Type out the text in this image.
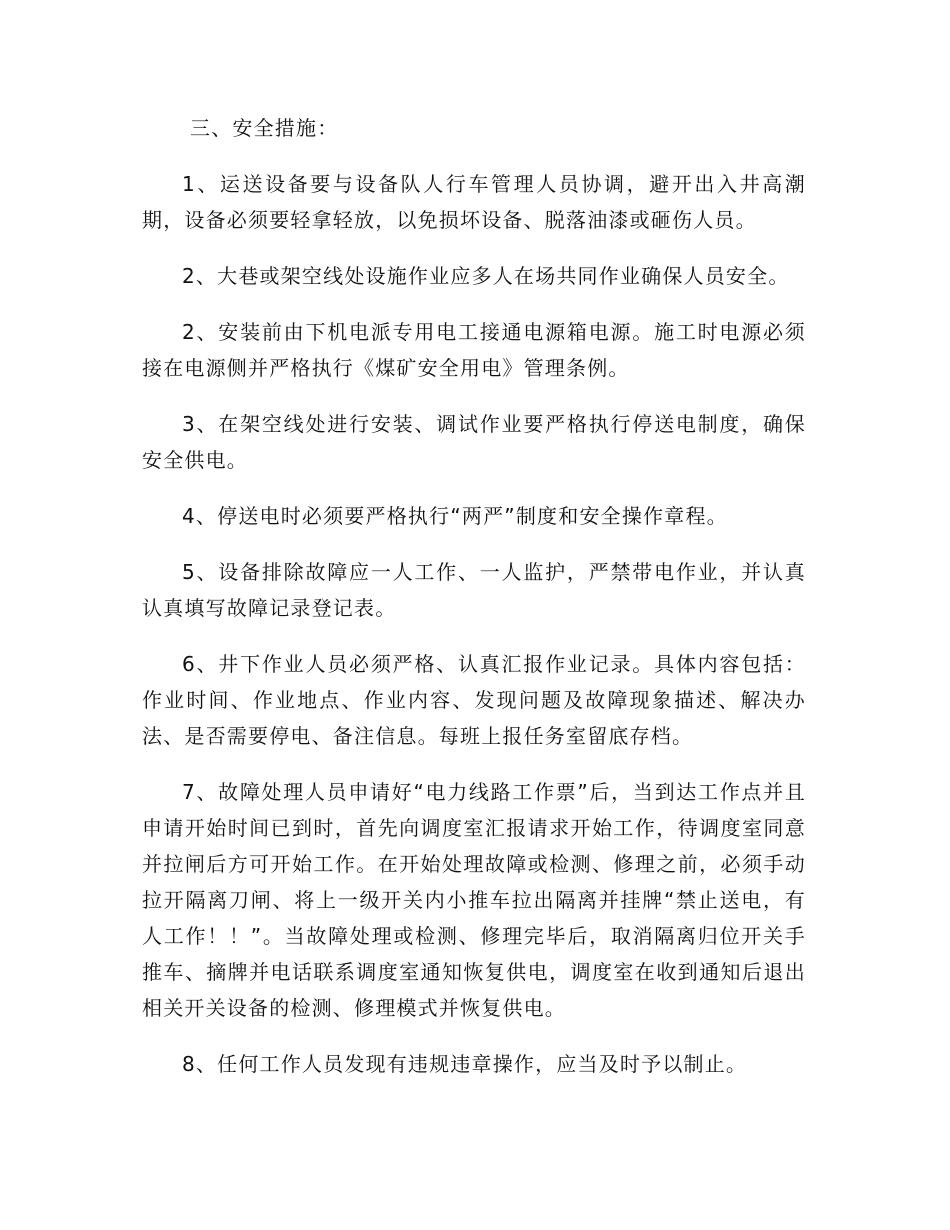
三、安全措施：

1、运送设备要与设备队人行车管理人员协调，避开出入井高潮期，设备必须要轻拿轻放，以免损坏设备、脱落油漆或砸伤人员。

2、大巷或架空线处设施作业应多人在场共同作业确保人员安全。

2、安装前由下机电派专用电工接通电源箱电源。施工时电源必须接在电源侧并严格执行《煤矿安全用电》管理条例。

3、在架空线处进行安装、调试作业要严格执行停送电制度，确保安全供电。

4、停送电时必须要严格执行“两严”制度和安全操作章程。

5、设备排除故障应一人工作、一人监护，严禁带电作业，并认真认真填写故障记录登记表。

6、井下作业人员必须严格、认真汇报作业记录。具体内容包括：作业时间、作业地点、作业内容、发现问题及故障现象描述、解决办法、是否需要停电、备注信息。每班上报任务室留底存档。

7、故障处理人员申请好“电力线路工作票”后，当到达工作点并且申请开始时间已到时，首先向调度室汇报请求开始工作，待调度室同意并拉闸后方可开始工作。在开始处理故障或检测、修理之前，必须手动拉开隔离刀闸、将上一级开关内小推车拉出隔离并挂牌“禁止送电，有人工作！！”。当故障处理或检测、修理完毕后，取消隔离归位开关手推车、摘牌并电话联系调度室通知恢复供电，调度室在收到通知后退出相关开关设备的检测、修理模式并恢复供电。

8、任何工作人员发现有违规违章操作，应当及时予以制止。
